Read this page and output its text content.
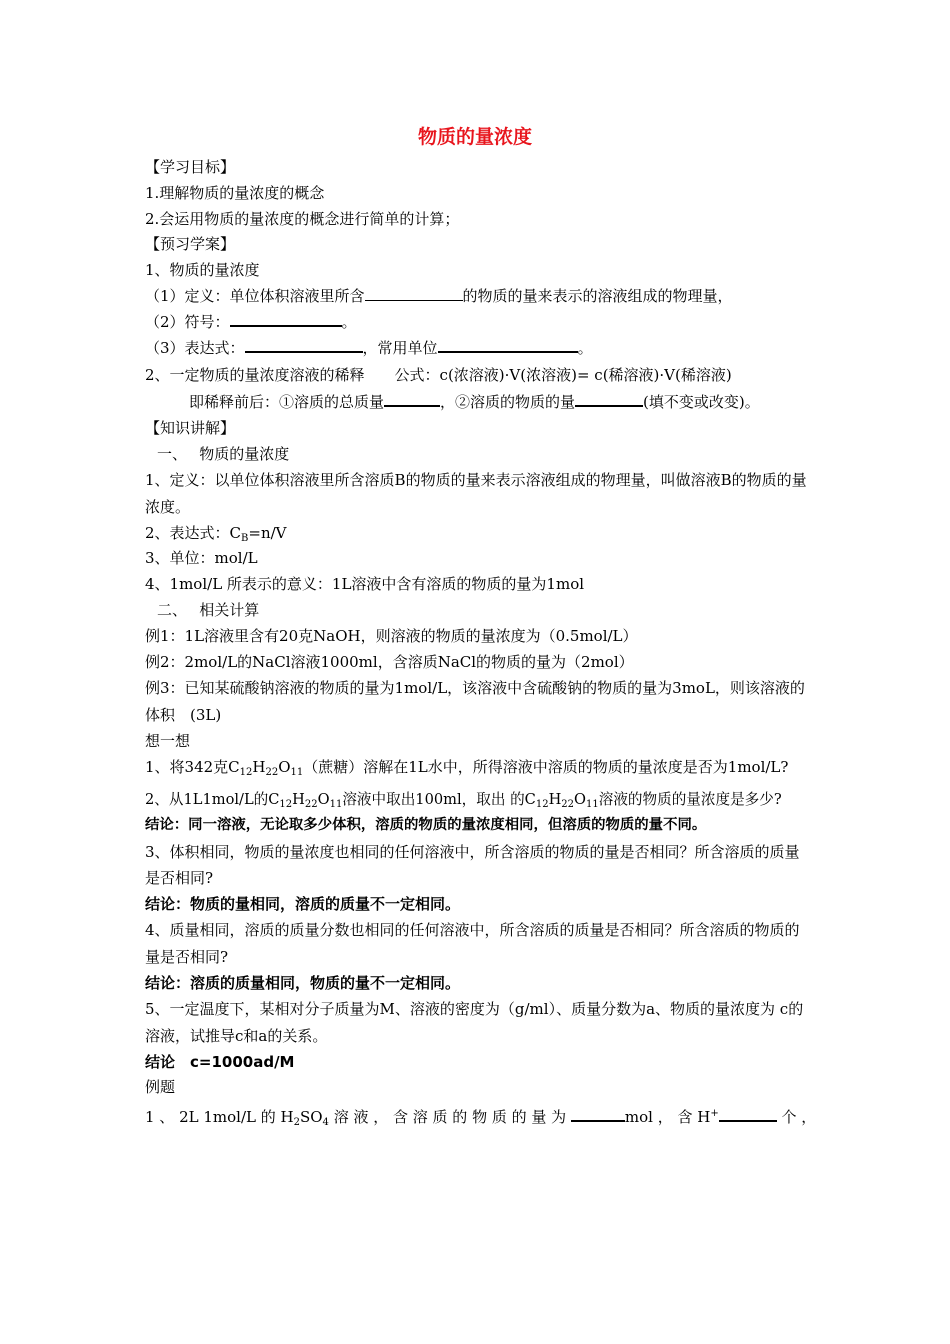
物质的量浓度
【学习目标】
1.理解物质的量浓度的概念
2.会运用物质的量浓度的概念进行简单的计算；
【预习学案】
1、物质的量浓度
（1）定义：单位体积溶液里所含	的物质的量来表示的溶液组成的物理量，
（2）符号：	。
（3）表达式：	，常用单位	。
2、一定物质的量浓度溶液的稀释　　公式：c(浓溶液)·V(浓溶液)= c(稀溶液)·V(稀溶液)
即稀释前后：①溶质的总质量	，②溶质的物质的量	(填不变或改变)。
【知识讲解】
一、　 物质的量浓度
1、定义：以单位体积溶液里所含溶质B的物质的量来表示溶液组成的物理量，叫做溶液B的物质的量浓度。
2、表达式：$C_B=n/V$
3、单位：mol/L
4、1mol/L 所表示的意义：1L溶液中含有溶质的物质的量为1mol
二、　 相关计算
例1：1L溶液里含有20克NaOH，则溶液的物质的量浓度为（0.5mol/L）
例2：2mol/L的NaCl溶液1000ml，含溶质NaCl的物质的量为（2mol）
例3：已知某硫酸钠溶液的物质的量为1mol/L，该溶液中含硫酸钠的物质的量为3moL，则该溶液的体积　(3L)
想一想
1、将342克$C_{12}H_{22}O_{11}$（蔗糖）溶解在1L水中，所得溶液中溶质的物质的量浓度是否为1mol/L?
2、从1L1mol/L的$C_{12}H_{22}O_{11}$溶液中取出100ml，取出 的$C_{12}H_{22}O_{11}$溶液的物质的量浓度是多少?
结论：同一溶液，无论取多少体积，溶质的物质的量浓度相同，但溶质的物质的量不同。
3、体积相同，物质的量浓度也相同的任何溶液中，所含溶质的物质的量是否相同？所含溶质的质量是否相同?
结论：物质的量相同，溶质的质量不一定相同。
4、质量相同，溶质的质量分数也相同的任何溶液中，所含溶质的质量是否相同？所含溶质的物质的量是否相同?
结论：溶质的质量相同，物质的量不一定相同。
5、一定温度下，某相对分子质量为M、溶液的密度为（g/ml）、质量分数为a、物质的量浓度为 c的溶液，试推导c和a的关系。
结论　c=1000ad/M
例题
1 、 2L 1mol/L 的 $H_2SO_4$ 溶 液 ， 含 溶 质 的 物 质 的 量 为	mol ， 含 H+	个 ，
